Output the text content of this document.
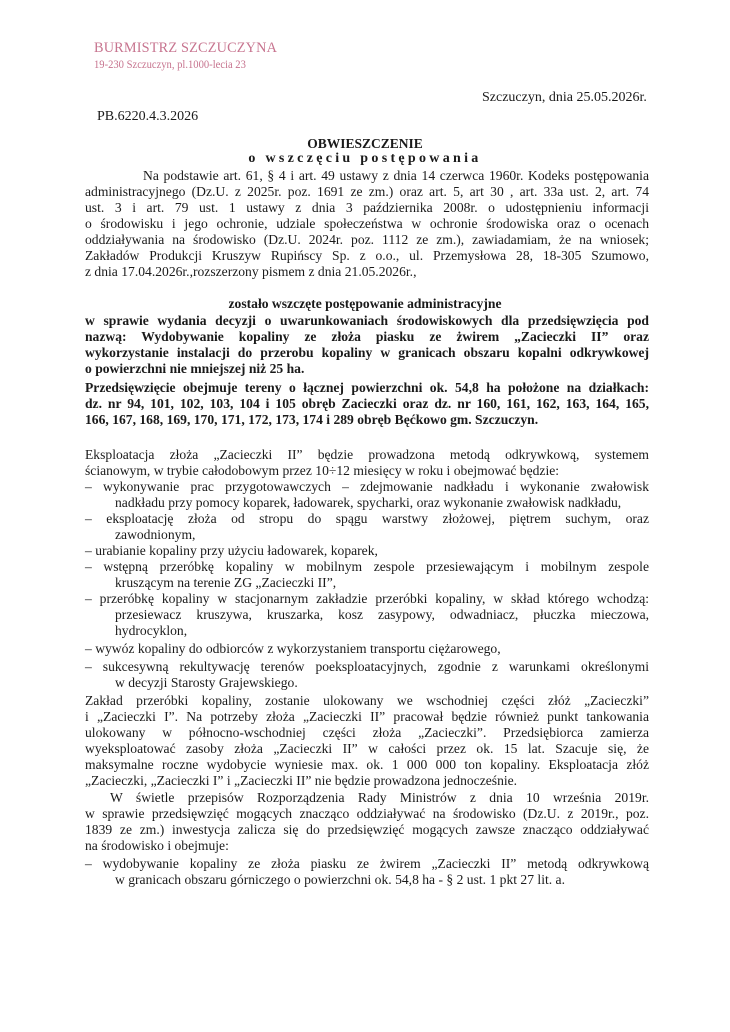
BURMISTRZ SZCZUCZYNA
19-230 Szczuczyn, pl.1000-lecia 23
Szczuczyn, dnia 25.05.2026r.
PB.6220.4.3.2026
OBWIESZCZENIE
o wszczęciu postępowania
Na podstawie art. 61, § 4 i art. 49 ustawy z dnia 14 czerwca 1960r. Kodeks postępowania
administracyjnego (Dz.U. z 2025r. poz. 1691 ze zm.) oraz art. 5, art 30 , art. 33a ust. 2, art. 74
ust. 3 i art. 79 ust. 1 ustawy z dnia 3 października 2008r. o udostępnieniu informacji
o środowisku i jego ochronie, udziale społeczeństwa w ochronie środowiska oraz o ocenach
oddziaływania na środowisko (Dz.U. 2024r. poz. 1112 ze zm.), zawiadamiam, że na wniosek;
Zakładów Produkcji Kruszyw Rupińscy Sp. z o.o., ul. Przemysłowa 28, 18-305 Szumowo,
z dnia 17.04.2026r.,rozszerzony pismem z dnia 21.05.2026r.,
zostało wszczęte postępowanie administracyjne
w sprawie wydania decyzji o uwarunkowaniach środowiskowych dla przedsięwzięcia pod
nazwą: Wydobywanie kopaliny ze złoża piasku ze żwirem „Zacieczki II” oraz
wykorzystanie instalacji do przerobu kopaliny w granicach obszaru kopalni odkrywkowej
o powierzchni nie mniejszej niż 25 ha.
Przedsięwzięcie obejmuje tereny o łącznej powierzchni ok. 54,8 ha położone na działkach:
dz. nr 94, 101, 102, 103, 104 i 105 obręb Zacieczki oraz dz. nr 160, 161, 162, 163, 164, 165,
166, 167, 168, 169, 170, 171, 172, 173, 174 i 289 obręb Bęćkowo gm. Szczuczyn.
Eksploatacja złoża „Zacieczki II” będzie prowadzona metodą odkrywkową, systemem
ścianowym, w trybie całodobowym przez 10÷12 miesięcy w roku i obejmować będzie:
– wykonywanie prac przygotowawczych – zdejmowanie nadkładu i wykonanie zwałowisk
nadkładu przy pomocy koparek, ładowarek, spycharki, oraz wykonanie zwałowisk nadkładu,
– eksploatację złoża od stropu do spągu warstwy złożowej, piętrem suchym, oraz
zawodnionym,
– urabianie kopaliny przy użyciu ładowarek, koparek,
– wstępną przeróbkę kopaliny w mobilnym zespole przesiewającym i mobilnym zespole
kruszącym na terenie ZG „Zacieczki II”,
– przeróbkę kopaliny w stacjonarnym zakładzie przeróbki kopaliny, w skład którego wchodzą:
przesiewacz kruszywa, kruszarka, kosz zasypowy, odwadniacz, płuczka mieczowa,
hydrocyklon,
– wywóz kopaliny do odbiorców z wykorzystaniem transportu ciężarowego,
– sukcesywną rekultywację terenów poeksploatacyjnych, zgodnie z warunkami określonymi
w decyzji Starosty Grajewskiego.
Zakład przeróbki kopaliny, zostanie ulokowany we wschodniej części złóż „Zacieczki”
i „Zacieczki I”. Na potrzeby złoża „Zacieczki II” pracował będzie również punkt tankowania
ulokowany w północno-wschodniej części złoża „Zacieczki”. Przedsiębiorca zamierza
wyeksploatować zasoby złoża „Zacieczki II” w całości przez ok. 15 lat. Szacuje się, że
maksymalne roczne wydobycie wyniesie max. ok. 1 000 000 ton kopaliny. Eksploatacja złóż
„Zacieczki, „Zacieczki I” i „Zacieczki II” nie będzie prowadzona jednocześnie.
W świetle przepisów Rozporządzenia Rady Ministrów z dnia 10 września 2019r.
w sprawie przedsięwzięć mogących znacząco oddziaływać na środowisko (Dz.U. z 2019r., poz.
1839 ze zm.) inwestycja zalicza się do przedsięwzięć mogących zawsze znacząco oddziaływać
na środowisko i obejmuje:
– wydobywanie kopaliny ze złoża piasku ze żwirem „Zacieczki II” metodą odkrywkową
w granicach obszaru górniczego o powierzchni ok. 54,8 ha - § 2 ust. 1 pkt 27 lit. a.
